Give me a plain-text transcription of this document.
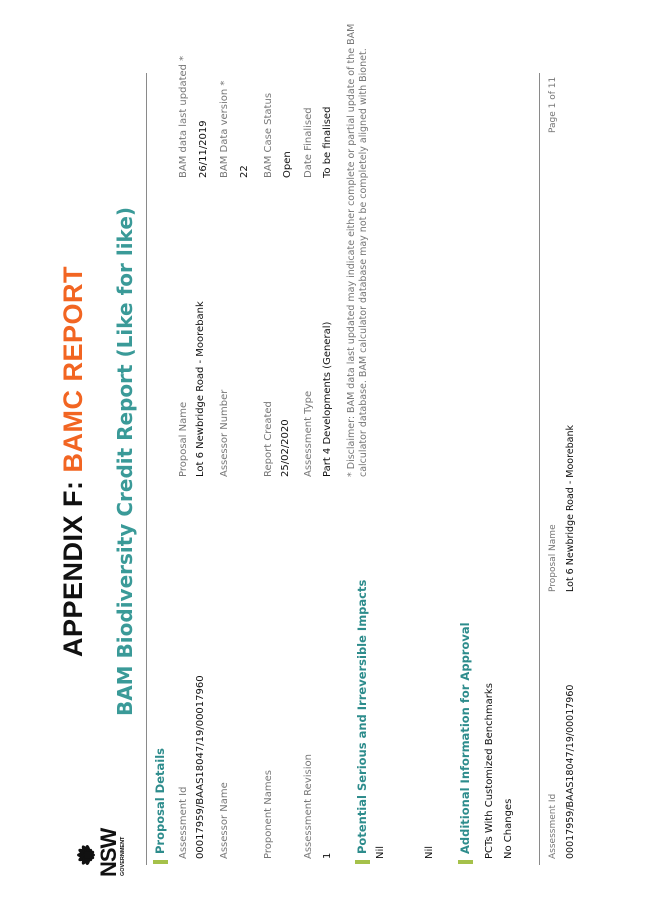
NSW GOVERNMENT
APPENDIX F: BAMC REPORT BAM Biodiversity Credit Report (Like for like)
Proposal Details Assessment Id 00017959/BAAS18047/19/00017960
Proposal Name Lot 6 Newbridge Road - Moorebank
BAM data last updated * 26/11/2019
Assessor Name
Assessor Number
BAM Data version * 22
Proponent Names
Report Created 25/02/2020
BAM Case Status Open
Assessment Revision 1
Assessment Type Part 4 Developments (General)
Date Finalised To be finalised * Disclaimer: BAM data last updated may indicate either complete or partial update of the BAM calculator database. BAM calculator database may not be completely aligned with Bionet.
Potential Serious and Irreversible Impacts Nil	Nil Additional Information for Approval PCTs With Customized Benchmarks No Changes	Assessment Id 00017959/BAAS18047/19/00017960
Proposal Name Lot 6 Newbridge Road - Moorebank
Page 1 of 11
